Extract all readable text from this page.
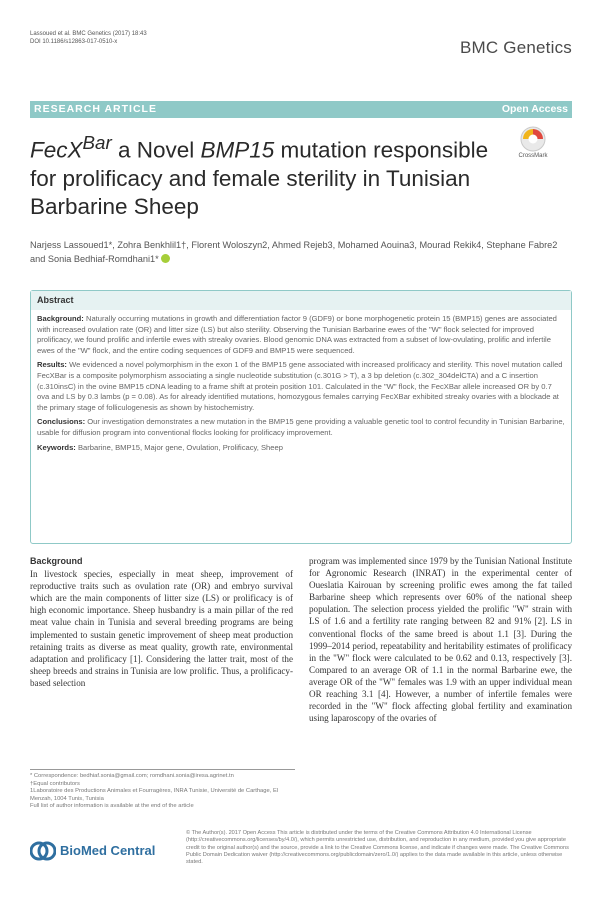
Lassoued et al. BMC Genetics (2017) 18:43
DOI 10.1186/s12863-017-0510-x	BMC Genetics
RESEARCH ARTICLE	Open Access
FecX$^{Bar}$ a Novel BMP15 mutation responsible for prolificacy and female sterility in Tunisian Barbarine Sheep
CrossMark
Narjess Lassoued1*, Zohra Benkhlil1†, Florent Woloszyn2, Ahmed Rejeb3, Mohamed Aouina3, Mourad Rekik4, Stephane Fabre2 and Sonia Bedhiaf-Romdhani1*
Abstract

Background: Naturally occurring mutations in growth and differentiation factor 9 (GDF9) or bone morphogenetic protein 15 (BMP15) genes are associated with increased ovulation rate (OR) and litter size (LS) but also sterility. Observing the Tunisian Barbarine ewes of the "W" flock selected for improved prolificacy, we found prolific and infertile ewes with streaky ovaries. Blood genomic DNA was extracted from a subset of low-ovulating, prolific and infertile ewes of the "W" flock, and the entire coding sequences of GDF9 and BMP15 were sequenced.

Results: We evidenced a novel polymorphism in the exon 1 of the BMP15 gene associated with increased prolificacy and sterility. This novel mutation called FecXBar is a composite polymorphism associating a single nucleotide substitution (c.301G > T), a 3 bp deletion (c.302_304delCTA) and a C insertion (c.310insC) in the ovine BMP15 cDNA leading to a frame shift at protein position 101. Calculated in the "W" flock, the FecXBar allele increased OR by 0.7 ova and LS by 0.3 lambs (p = 0.08). As for already identified mutations, homozygous females carrying FecXBar exhibited streaky ovaries with a blockade at the primary stage of folliculogenesis as shown by histochemistry.

Conclusions: Our investigation demonstrates a new mutation in the BMP15 gene providing a valuable genetic tool to control fecundity in Tunisian Barbarine, usable for diffusion program into conventional flocks looking for prolificacy improvement.

Keywords: Barbarine, BMP15, Major gene, Ovulation, Prolificacy, Sheep

Background

In livestock species, especially in meat sheep, improvement of reproductive traits such as ovulation rate (OR) and embryo survival which are the main components of litter size (LS) or prolificacy is of high economic importance. Sheep husbandry is a main pillar of the red meat value chain in Tunisia and several breeding programs are being implemented to sustain genetic improvement of sheep meat production retaining traits as diverse as meat quality, growth rate, environmental adaptation and prolificacy [1]. Considering the latter trait, most of the sheep breeds and strains in Tunisia are low prolific. Thus, a prolificacy-based selection

program was implemented since 1979 by the Tunisian National Institute for Agronomic Research (INRAT) in the experimental center of Oueslatia Kairouan by screening prolific ewes among the fat tailed Barbarine sheep which represents over 60% of the national sheep population. The selection process yielded the prolific "W" strain with LS of 1.6 and a fertility rate ranging between 82 and 91% [2]. LS in conventional flocks of the same breed is about 1.1 [3]. During the 1999–2014 period, repeatability and heritability estimates of prolificacy in the "W" flock were calculated to be 0.62 and 0.13, respectively [3]. Compared to an average OR of 1.1 in the normal Barbarine ewe, the average OR of the "W" females was 1.9 with an upper individual mean OR reaching 3.1 [4]. However, a number of infertile females were recorded in the "W" flock affecting global fertility and examination using laparoscopy of the ovaries of

* Correspondence: bedhiaf.sonia@gmail.com; romdhani.sonia@iresa.agrinet.tn
†Equal contributors
1Laboratoire des Productions Animales et Fourragères, INRA Tunisie, Université de Carthage, El Menzah, 1004 Tunis, Tunisia
Full list of author information is available at the end of the article
BioMed Central
© The Author(s). 2017 Open Access This article is distributed under the terms of the Creative Commons Attribution 4.0 International License (http://creativecommons.org/licenses/by/4.0/), which permits unrestricted use, distribution, and reproduction in any medium, provided you give appropriate credit to the original author(s) and the source, provide a link to the Creative Commons license, and indicate if changes were made. The Creative Commons Public Domain Dedication waiver (http://creativecommons.org/publicdomain/zero/1.0/) applies to the data made available in this article, unless otherwise stated.
